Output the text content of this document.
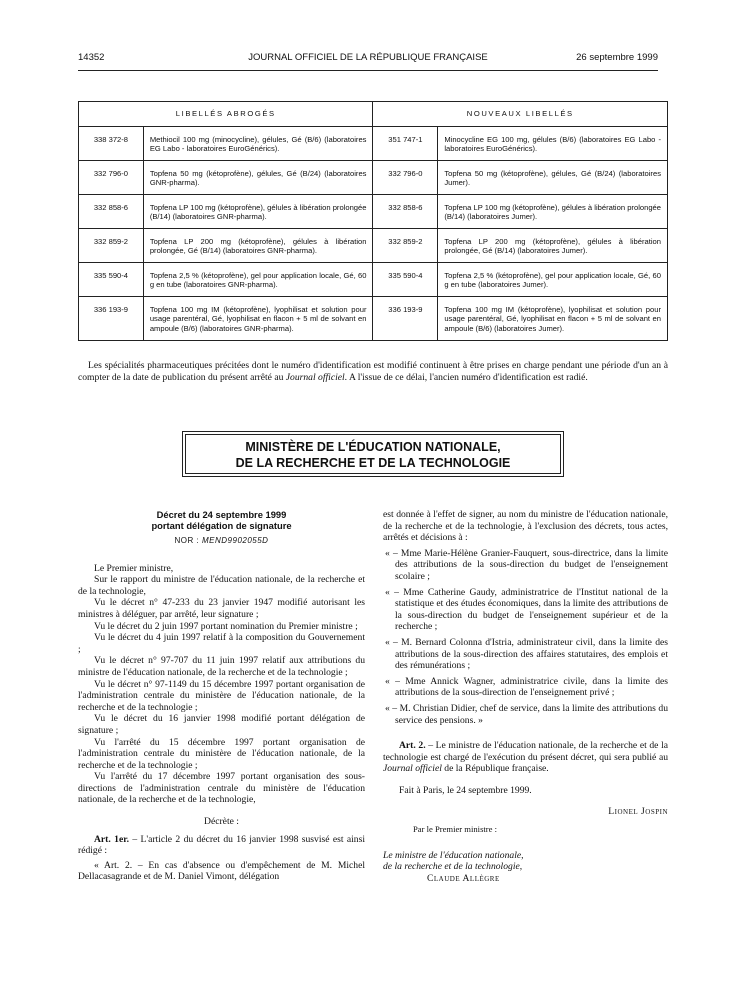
14352	JOURNAL OFFICIEL DE LA RÉPUBLIQUE FRANÇAISE	26 septembre 1999
LIBELLÉS ABROGÉS		NOUVEAUX LIBELLÉS	
338 372-8	Methiocil 100 mg (minocycline), gélules, Gé (B/6) (laboratoires EG Labo - laboratoires EuroGénérics).	351 747-1	Minocycline EG 100 mg, gélules (B/6) (laboratoires EG Labo - laboratoires EuroGénérics).
332 796-0	Topfena 50 mg (kétoprofène), gélules, Gé (B/24) (laboratoires GNR-pharma).	332 796-0	Topfena 50 mg (kétoprofène), gélules, Gé (B/24) (laboratoires Jumer).
332 858-6	Topfena LP 100 mg (kétoprofène), gélules à libération prolongée (B/14) (laboratoires GNR-pharma).	332 858-6	Topfena LP 100 mg (kétoprofène), gélules à libération prolongée (B/14) (laboratoires Jumer).
332 859-2	Topfena LP 200 mg (kétoprofène), gélules à libération prolongée, Gé (B/14) (laboratoires GNR-pharma).	332 859-2	Topfena LP 200 mg (kétoprofène), gélules à libération prolongée, Gé (B/14) (laboratoires Jumer).
335 590-4	Topfena 2,5 % (kétoprofène), gel pour application locale, Gé, 60 g en tube (laboratoires GNR-pharma).	335 590-4	Topfena 2,5 % (kétoprofène), gel pour application locale, Gé, 60 g en tube (laboratoires Jumer).
336 193-9	Topfena 100 mg IM (kétoprofène), lyophilisat et solution pour usage parentéral, Gé, lyophilisat en flacon + 5 ml de solvant en ampoule (B/6) (laboratoires GNR-pharma).	336 193-9	Topfena 100 mg IM (kétoprofène), lyophilisat et solution pour usage parentéral, Gé, lyophilisat en flacon + 5 ml de solvant en ampoule (B/6) (laboratoires Jumer).

Les spécialités pharmaceutiques précitées dont le numéro d'identification est modifié continuent à être prises en charge pendant une période d'un an à compter de la date de publication du présent arrêté au Journal officiel. A l'issue de ce délai, l'ancien numéro d'identification est radié.

MINISTÈRE DE L'ÉDUCATION NATIONALE,
DE LA RECHERCHE ET DE LA TECHNOLOGIE

Décret du 24 septembre 1999

portant délégation de signature

NOR : MEND9902055D

Le Premier ministre,

Sur le rapport du ministre de l'éducation nationale, de la recherche et de la technologie,

Vu le décret n° 47-233 du 23 janvier 1947 modifié autorisant les ministres à déléguer, par arrêté, leur signature ;

Vu le décret du 2 juin 1997 portant nomination du Premier ministre ;

Vu le décret du 4 juin 1997 relatif à la composition du Gouvernement ;

Vu le décret n° 97-707 du 11 juin 1997 relatif aux attributions du ministre de l'éducation nationale, de la recherche et de la technologie ;

Vu le décret n° 97-1149 du 15 décembre 1997 portant organisation de l'administration centrale du ministère de l'éducation nationale, de la recherche et de la technologie ;

Vu le décret du 16 janvier 1998 modifié portant délégation de signature ;

Vu l'arrêté du 15 décembre 1997 portant organisation de l'administration centrale du ministère de l'éducation nationale, de la recherche et de la technologie ;

Vu l'arrêté du 17 décembre 1997 portant organisation des sous-directions de l'administration centrale du ministère de l'éducation nationale, de la recherche et de la technologie,

Décrète :

Art. 1er. – L'article 2 du décret du 16 janvier 1998 susvisé est ainsi rédigé :

« Art. 2. – En cas d'absence ou d'empêchement de M. Michel Dellacasagrande et de M. Daniel Vimont, délégation

est donnée à l'effet de signer, au nom du ministre de l'éducation nationale, de la recherche et de la technologie, à l'exclusion des décrets, tous actes, arrêtés et décisions à :

« – Mme Marie-Hélène Granier-Fauquert, sous-directrice, dans la limite des attributions de la sous-direction du budget de l'enseignement scolaire ;

« – Mme Catherine Gaudy, administratrice de l'Institut national de la statistique et des études économiques, dans la limite des attributions de la sous-direction du budget de l'enseignement supérieur et de la recherche ;

« – M. Bernard Colonna d'Istria, administrateur civil, dans la limite des attributions de la sous-direction des affaires statutaires, des emplois et des rémunérations ;

« – Mme Annick Wagner, administratrice civile, dans la limite des attributions de la sous-direction de l'enseignement privé ;

« – M. Christian Didier, chef de service, dans la limite des attributions du service des pensions. »

Art. 2. – Le ministre de l'éducation nationale, de la recherche et de la technologie est chargé de l'exécution du présent décret, qui sera publié au Journal officiel de la République française.

Fait à Paris, le 24 septembre 1999.

Lionel Jospin

Par le Premier ministre :

Le ministre de l'éducation nationale,

de la recherche et de la technologie,

Claude Allègre
